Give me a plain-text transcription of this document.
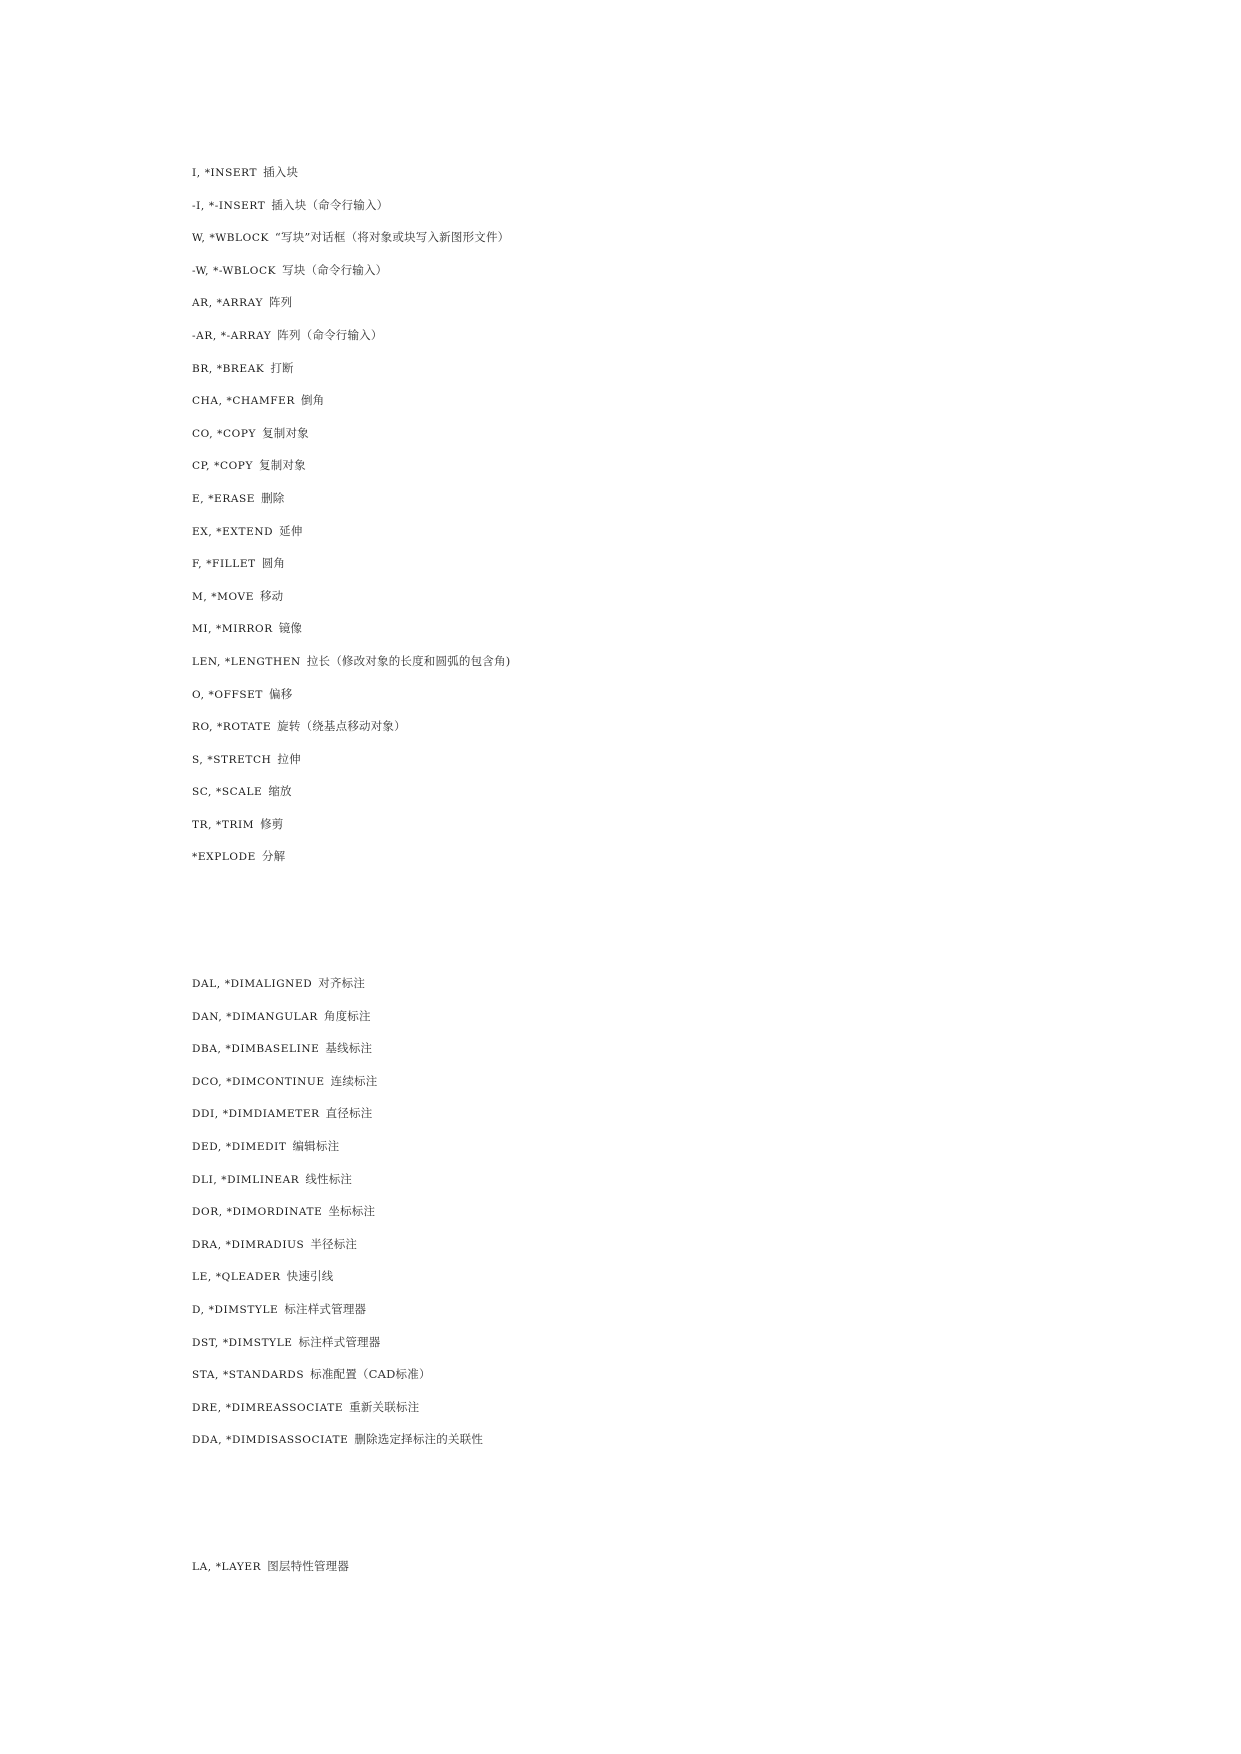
I, *INSERT 插入块
-I, *-INSERT 插入块（命令行输入）
W, *WBLOCK “写块”对话框（将对象或块写入新图形文件）
-W, *-WBLOCK 写块（命令行输入）
AR, *ARRAY 阵列
-AR, *-ARRAY 阵列（命令行输入）
BR, *BREAK 打断
CHA, *CHAMFER 倒角
CO, *COPY 复制对象
CP, *COPY 复制对象
E, *ERASE 删除
EX, *EXTEND 延伸
F, *FILLET 圆角
M, *MOVE 移动
MI, *MIRROR 镜像
LEN, *LENGTHEN 拉长（修改对象的长度和圆弧的包含角)
O, *OFFSET 偏移
RO, *ROTATE 旋转（绕基点移动对象）
S, *STRETCH 拉伸
SC, *SCALE 缩放
TR, *TRIM 修剪
*EXPLODE 分解
DAL, *DIMALIGNED 对齐标注
DAN, *DIMANGULAR 角度标注
DBA, *DIMBASELINE 基线标注
DCO, *DIMCONTINUE 连续标注
DDI, *DIMDIAMETER 直径标注
DED, *DIMEDIT 编辑标注
DLI, *DIMLINEAR 线性标注
DOR, *DIMORDINATE 坐标标注
DRA, *DIMRADIUS 半径标注
LE, *QLEADER 快速引线
D, *DIMSTYLE 标注样式管理器
DST, *DIMSTYLE 标注样式管理器
STA, *STANDARDS 标准配置（CAD标准）
DRE, *DIMREASSOCIATE 重新关联标注
DDA, *DIMDISASSOCIATE 删除选定择标注的关联性
LA, *LAYER 图层特性管理器
